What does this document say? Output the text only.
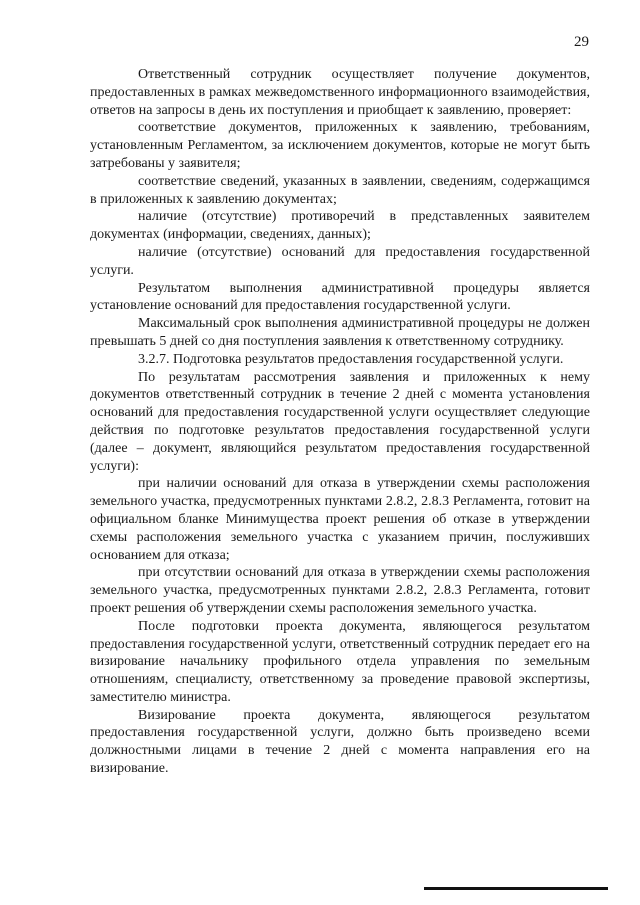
29

Ответственный сотрудник осуществляет получение документов, предоставленных в рамках межведомственного информационного взаимодействия, ответов на запросы в день их поступления и приобщает к заявлению, проверяет:

соответствие документов, приложенных к заявлению, требованиям, установленным Регламентом, за исключением документов, которые не могут быть затребованы у заявителя;

соответствие сведений, указанных в заявлении, сведениям, содержащимся в приложенных к заявлению документах;

наличие (отсутствие) противоречий в представленных заявителем документах (информации, сведениях, данных);

наличие (отсутствие) оснований для предоставления государственной услуги.

Результатом выполнения административной процедуры является установление оснований для предоставления государственной услуги.

Максимальный срок выполнения административной процедуры не должен превышать 5 дней со дня поступления заявления к ответственному сотруднику.

3.2.7. Подготовка результатов предоставления государственной услуги.

По результатам рассмотрения заявления и приложенных к нему документов ответственный сотрудник в течение 2 дней с момента установления оснований для предоставления государственной услуги осуществляет следующие действия по подготовке результатов предоставления государственной услуги (далее – документ, являющийся результатом предоставления государственной услуги):

при наличии оснований для отказа в утверждении схемы расположения земельного участка, предусмотренных пунктами 2.8.2, 2.8.3 Регламента, готовит на официальном бланке Минимущества проект решения об отказе в утверждении схемы расположения земельного участка с указанием причин, послуживших основанием для отказа;

при отсутствии оснований для отказа в утверждении схемы расположения земельного участка, предусмотренных пунктами 2.8.2, 2.8.3 Регламента, готовит проект решения об утверждении схемы расположения земельного участка.

После подготовки проекта документа, являющегося результатом предоставления государственной услуги, ответственный сотрудник передает его на визирование начальнику профильного отдела управления по земельным отношениям, специалисту, ответственному за проведение правовой экспертизы, заместителю министра.

Визирование проекта документа, являющегося результатом предоставления государственной услуги, должно быть произведено всеми должностными лицами в течение 2 дней с момента направления его на визирование.
